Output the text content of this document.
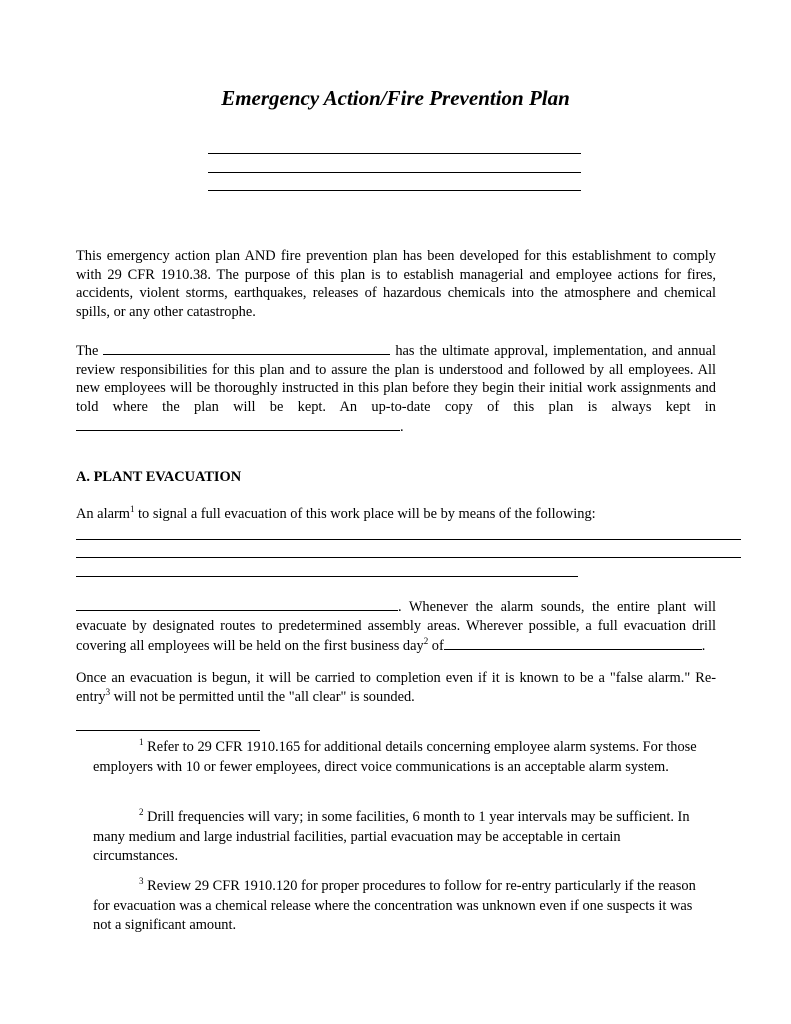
Emergency Action/Fire Prevention Plan
This emergency action plan AND fire prevention plan has been developed for this establishment to comply with 29 CFR 1910.38. The purpose of this plan is to establish managerial and employee actions for fires, accidents, violent storms, earthquakes, releases of hazardous chemicals into the atmosphere and chemical spills, or any other catastrophe.
The	has the ultimate approval, implementation, and annual review responsibilities for this plan and to assure the plan is understood and followed by all employees. All new employees will be thoroughly instructed in this plan before they begin their initial work assignments and told where the plan will be kept. An up-to-date copy of this plan is always kept in .
A. PLANT EVACUATION
An alarm$^1$ to signal a full evacuation of this work place will be by means of the following:
. Whenever the alarm sounds, the entire plant will evacuate by designated routes to predetermined assembly areas. Wherever possible, a full evacuation drill covering all employees will be held on the first business day$^2$ of	.
Once an evacuation is begun, it will be carried to completion even if it is known to be a "false alarm." Re-entry$^3$ will not be permitted until the "all clear" is sounded.
$^1$ Refer to 29 CFR 1910.165 for additional details concerning employee alarm systems. For those employers with 10 or fewer employees, direct voice communications is an acceptable alarm system.
$^2$ Drill frequencies will vary; in some facilities, 6 month to 1 year intervals may be sufficient. In many medium and large industrial facilities, partial evacuation may be acceptable in certain circumstances.
$^3$ Review 29 CFR 1910.120 for proper procedures to follow for re-entry particularly if the reason for evacuation was a chemical release where the concentration was unknown even if one suspects it was not a significant amount.
